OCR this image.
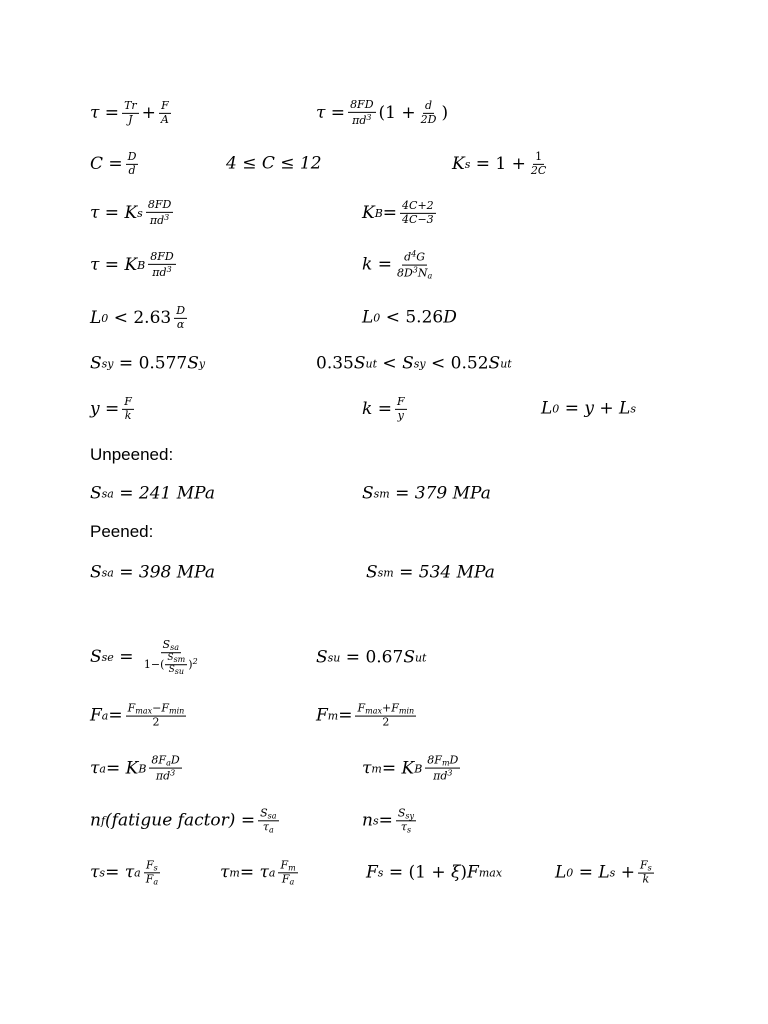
$\tau = \frac{Tr}{J} + \frac{F}{A}$	$\tau = \frac{8FD}{\pi d^3} (1 + \frac{d}{2D}$ )
$C = \frac{D}{d}$	4 ≤ C ≤ 12	K $s = 1 + \frac{1}{2C}$
τ = K s $\frac{8FD}{\pi d^3}$	K $B = \frac{4C+2}{4C-3}$
τ = K B $\frac{8FD}{\pi d^3}$	$k = \frac{d^4G}{8D^3N_a}$
L $0 < 2.63 \frac{D}{\alpha}$	L 0 < 5.26 D
S sy = 0.577 S y	0.35 S ut < S sy < 0.52 S ut
$y = \frac{F}{k}$	$k = \frac{F}{y}$	L 0 = y + L s
Unpeened:
S sa = 241 MPa	S sm = 379 MPa
Peened:
S sa = 398 MPa	S sm = 534 MPa
S se = $\frac{S_{sa}}{1-( \frac{S_{sm}}{S_{su}} )^2}$	S su = 0.67 S ut
F $a = \frac{F_{max}-F_{min}}{2}$	F $m = \frac{F_{max}+F_{min}}{2}$
τ a = K B $\frac{8F_aD}{\pi d^3}$	τ m = K B $\frac{8F_mD}{\pi d^3}$
n f (fatigue factor) = $\frac{S_{sa}}{\tau_a}$	n $s = \frac{S_{sy}}{\tau_s}$
τ s = τ a $\frac{F_s}{F_a}$	τ m = τ a $\frac{F_m}{F_a}$	F s = (1 + ξ ) F max	L 0 = L $s + \frac{F_s}{k}$
